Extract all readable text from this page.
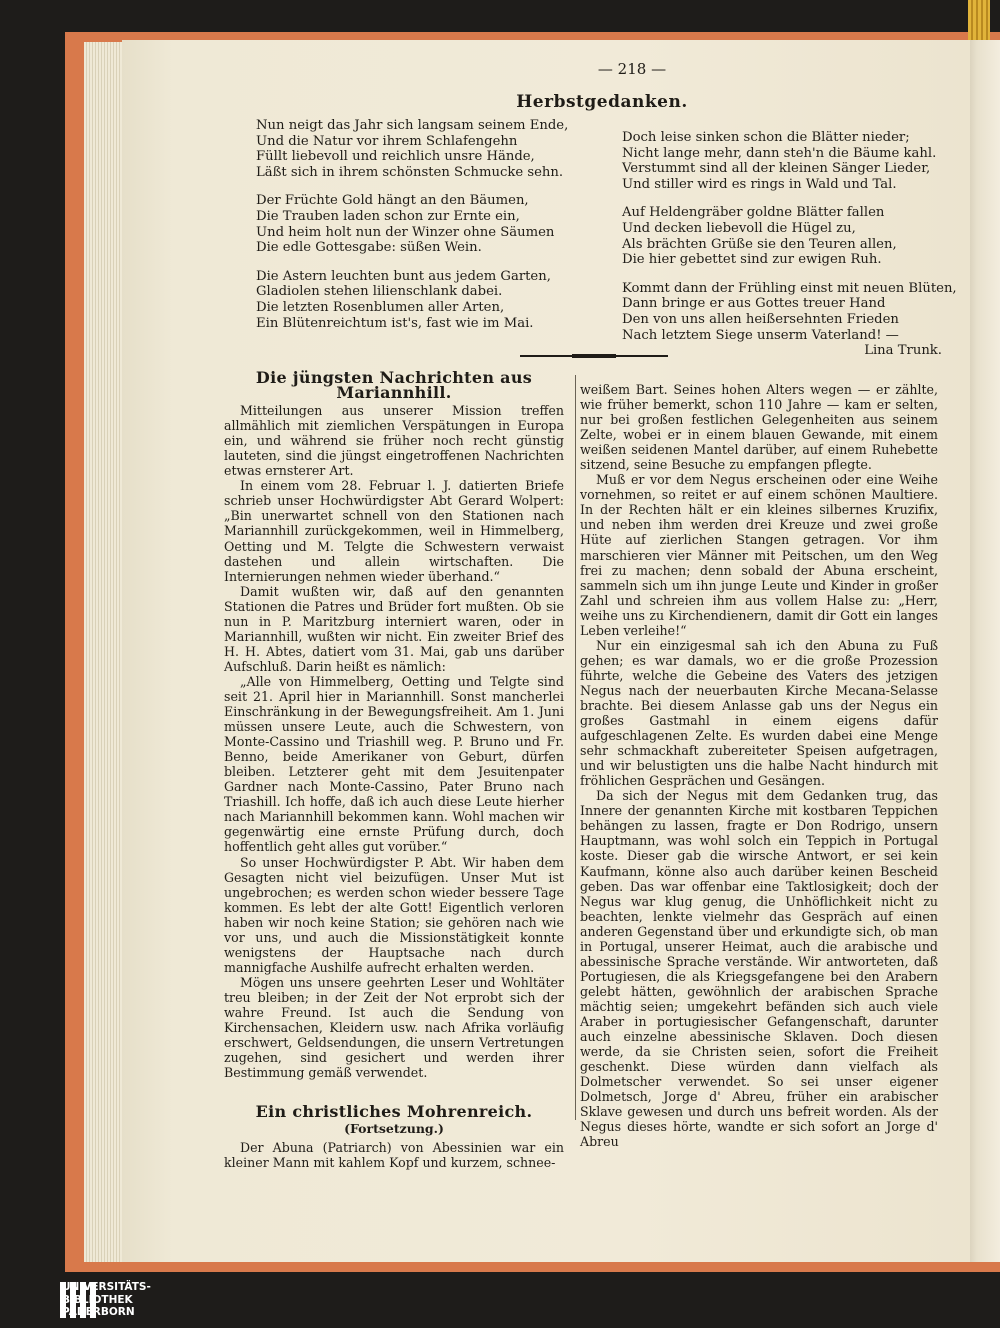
— 218 —
Herbstgedanken.
Nun neigt das Jahr sich langsam seinem Ende,
Und die Natur vor ihrem Schlafengehn
Füllt liebevoll und reichlich unsre Hände,
Läßt sich in ihrem schönsten Schmucke sehn.
Der Früchte Gold hängt an den Bäumen,
Die Trauben laden schon zur Ernte ein,
Und heim holt nun der Winzer ohne Säumen
Die edle Gottesgabe: süßen Wein.
Die Astern leuchten bunt aus jedem Garten,
Gladiolen stehen lilienschlank dabei.
Die letzten Rosenblumen aller Arten,
Ein Blütenreichtum ist's, fast wie im Mai.
Doch leise sinken schon die Blätter nieder;
Nicht lange mehr, dann steh'n die Bäume kahl.
Verstummt sind all der kleinen Sänger Lieder,
Und stiller wird es rings in Wald und Tal.
Auf Heldengräber goldne Blätter fallen
Und decken liebevoll die Hügel zu,
Als brächten Grüße sie den Teuren allen,
Die hier gebettet sind zur ewigen Ruh.
Kommt dann der Frühling einst mit neuen Blüten,
Dann bringe er aus Gottes treuer Hand
Den von uns allen heißersehnten Frieden
Nach letztem Siege unserm Vaterland! —
Lina Trunk.
Die jüngsten Nachrichten aus Mariannhill.

Mitteilungen aus unserer Mission treffen allmählich mit ziemlichen Verspätungen in Europa ein, und während sie früher noch recht günstig lauteten, sind die jüngst eingetroffenen Nachrichten etwas ernsterer Art.

In einem vom 28. Februar l. J. datierten Briefe schrieb unser Hochwürdigster Abt Gerard Wolpert: „Bin unerwartet schnell von den Stationen nach Mariannhill zurückgekommen, weil in Himmelberg, Oetting und M. Telgte die Schwestern verwaist dastehen und allein wirtschaften. Die Internierungen nehmen wieder überhand.“

Damit wußten wir, daß auf den genannten Stationen die Patres und Brüder fort mußten. Ob sie nun in P. Maritzburg interniert waren, oder in Mariannhill, wußten wir nicht. Ein zweiter Brief des H. H. Abtes, datiert vom 31. Mai, gab uns darüber Aufschluß. Darin heißt es nämlich:

„Alle von Himmelberg, Oetting und Telgte sind seit 21. April hier in Mariannhill. Sonst mancherlei Einschränkung in der Bewegungsfreiheit. Am 1. Juni müssen unsere Leute, auch die Schwestern, von Monte-Cassino und Triashill weg. P. Bruno und Fr. Benno, beide Amerikaner von Geburt, dürfen bleiben. Letzterer geht mit dem Jesuitenpater Gardner nach Monte-Cassino, Pater Bruno nach Triashill. Ich hoffe, daß ich auch diese Leute hierher nach Mariannhill bekommen kann. Wohl machen wir gegenwärtig eine ernste Prüfung durch, doch hoffentlich geht alles gut vorüber.“

So unser Hochwürdigster P. Abt. Wir haben dem Gesagten nicht viel beizufügen. Unser Mut ist ungebrochen; es werden schon wieder bessere Tage kommen. Es lebt der alte Gott! Eigentlich verloren haben wir noch keine Station; sie gehören nach wie vor uns, und auch die Missionstätigkeit konnte wenigstens der Hauptsache nach durch mannigfache Aushilfe aufrecht erhalten werden.

Mögen uns unsere geehrten Leser und Wohltäter treu bleiben; in der Zeit der Not erprobt sich der wahre Freund. Ist auch die Sendung von Kirchensachen, Kleidern usw. nach Afrika vorläufig erschwert, Geldsendungen, die unsern Vertretungen zugehen, sind gesichert und werden ihrer Bestimmung gemäß verwendet.

Ein christliches Mohrenreich.
(Fortsetzung.)

Der Abuna (Patriarch) von Abessinien war ein kleiner Mann mit kahlem Kopf und kurzem, schnee-

weißem Bart. Seines hohen Alters wegen — er zählte, wie früher bemerkt, schon 110 Jahre — kam er selten, nur bei großen festlichen Gelegenheiten aus seinem Zelte, wobei er in einem blauen Gewande, mit einem weißen seidenen Mantel darüber, auf einem Ruhebette sitzend, seine Besuche zu empfangen pflegte.

Muß er vor dem Negus erscheinen oder eine Weihe vornehmen, so reitet er auf einem schönen Maultiere. In der Rechten hält er ein kleines silbernes Kruzifix, und neben ihm werden drei Kreuze und zwei große Hüte auf zierlichen Stangen getragen. Vor ihm marschieren vier Männer mit Peitschen, um den Weg frei zu machen; denn sobald der Abuna erscheint, sammeln sich um ihn junge Leute und Kinder in großer Zahl und schreien ihm aus vollem Halse zu: „Herr, weihe uns zu Kirchendienern, damit dir Gott ein langes Leben verleihe!“

Nur ein einzigesmal sah ich den Abuna zu Fuß gehen; es war damals, wo er die große Prozession führte, welche die Gebeine des Vaters des jetzigen Negus nach der neuerbauten Kirche Mecana-Selasse brachte. Bei diesem Anlasse gab uns der Negus ein großes Gastmahl in einem eigens dafür aufgeschlagenen Zelte. Es wurden dabei eine Menge sehr schmackhaft zubereiteter Speisen aufgetragen, und wir belustigten uns die halbe Nacht hindurch mit fröhlichen Gesprächen und Gesängen.

Da sich der Negus mit dem Gedanken trug, das Innere der genannten Kirche mit kostbaren Teppichen behängen zu lassen, fragte er Don Rodrigo, unsern Hauptmann, was wohl solch ein Teppich in Portugal koste. Dieser gab die wirsche Antwort, er sei kein Kaufmann, könne also auch darüber keinen Bescheid geben. Das war offenbar eine Taktlosigkeit; doch der Negus war klug genug, die Unhöflichkeit nicht zu beachten, lenkte vielmehr das Gespräch auf einen anderen Gegenstand über und erkundigte sich, ob man in Portugal, unserer Heimat, auch die arabische und abessinische Sprache verstände. Wir antworteten, daß Portugiesen, die als Kriegsgefangene bei den Arabern gelebt hätten, gewöhnlich der arabischen Sprache mächtig seien; umgekehrt befänden sich auch viele Araber in portugiesischer Gefangenschaft, darunter auch einzelne abessinische Sklaven. Doch diesen werde, da sie Christen seien, sofort die Freiheit geschenkt. Diese würden dann vielfach als Dolmetscher verwendet. So sei unser eigener Dolmetsch, Jorge d' Abreu, früher ein arabischer Sklave gewesen und durch uns befreit worden. Als der Negus dieses hörte, wandte er sich sofort an Jorge d' Abreu

UNIVERSITÄTS-
BIBLIOTHEK
PADERBORN
